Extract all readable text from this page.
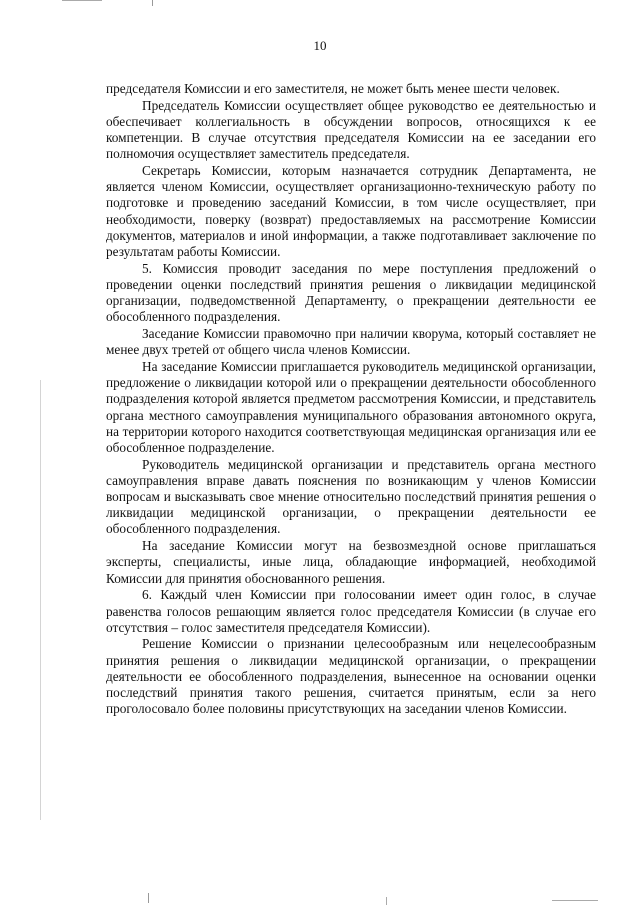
10

председателя Комиссии и его заместителя, не может быть менее шести человек.

Председатель Комиссии осуществляет общее руководство ее деятельностью и обеспечивает коллегиальность в обсуждении вопросов, относящихся к ее компетенции. В случае отсутствия председателя Комиссии на ее заседании его полномочия осуществляет заместитель председателя.

Секретарь Комиссии, которым назначается сотрудник Департамента, не является членом Комиссии, осуществляет организационно-техническую работу по подготовке и проведению заседаний Комиссии, в том числе осуществляет, при необходимости, поверку (возврат) предоставляемых на рассмотрение Комиссии документов, материалов и иной информации, а также подготавливает заключение по результатам работы Комиссии.

5. Комиссия проводит заседания по мере поступления предложений о проведении оценки последствий принятия решения о ликвидации медицинской организации, подведомственной Департаменту, о прекращении деятельности ее обособленного подразделения.

Заседание Комиссии правомочно при наличии кворума, который составляет не менее двух третей от общего числа членов Комиссии.

На заседание Комиссии приглашается руководитель медицинской организации, предложение о ликвидации которой или о прекращении деятельности обособленного подразделения которой является предметом рассмотрения Комиссии, и представитель органа местного самоуправления муниципального образования автономного округа, на территории которого находится соответствующая медицинская организация или ее обособленное подразделение.

Руководитель медицинской организации и представитель органа местного самоуправления вправе давать пояснения по возникающим у членов Комиссии вопросам и высказывать свое мнение относительно последствий принятия решения о ликвидации медицинской организации, о прекращении деятельности ее обособленного подразделения.

На заседание Комиссии могут на безвозмездной основе приглашаться эксперты, специалисты, иные лица, обладающие информацией, необходимой Комиссии для принятия обоснованного решения.

6. Каждый член Комиссии при голосовании имеет один голос, в случае равенства голосов решающим является голос председателя Комиссии (в случае его отсутствия – голос заместителя председателя Комиссии).

Решение Комиссии о признании целесообразным или нецелесообразным принятия решения о ликвидации медицинской организации, о прекращении деятельности ее обособленного подразделения, вынесенное на основании оценки последствий принятия такого решения, считается принятым, если за него проголосовало более половины присутствующих на заседании членов Комиссии.
